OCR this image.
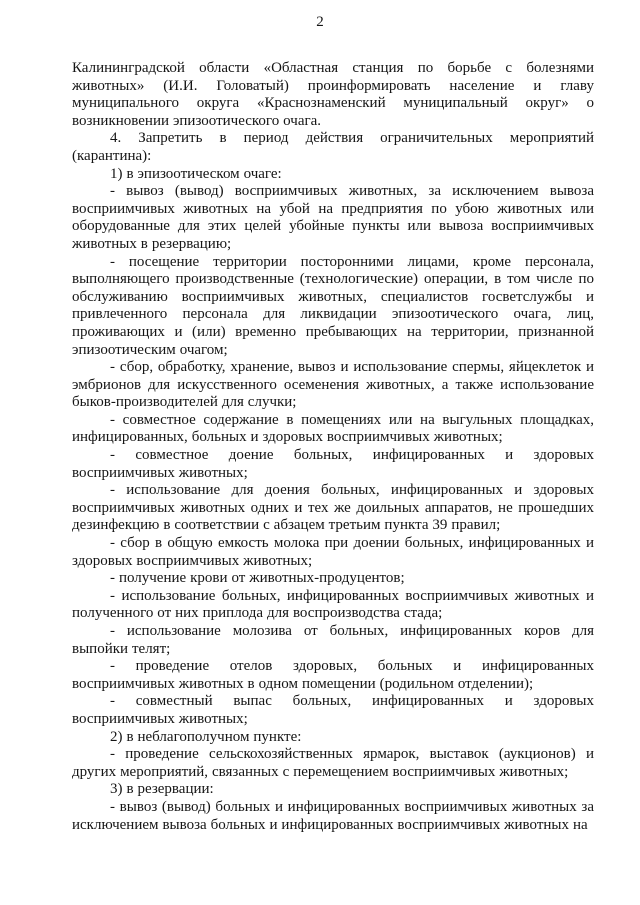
2

Калининградской области «Областная станция по борьбе с болезнями животных» (И.И. Головатый) проинформировать население и главу муниципального округа «Краснознаменский муниципальный округ» о возникновении эпизоотического очага.

4. Запретить в период действия ограничительных мероприятий (карантина):

1) в эпизоотическом очаге:

- вывоз (вывод) восприимчивых животных, за исключением вывоза восприимчивых животных на убой на предприятия по убою животных или оборудованные для этих целей убойные пункты или вывоза восприимчивых животных в резервацию;

- посещение территории посторонними лицами, кроме персонала, выполняющего производственные (технологические) операции, в том числе по обслуживанию восприимчивых животных, специалистов госветслужбы и привлеченного персонала для ликвидации эпизоотического очага, лиц, проживающих и (или) временно пребывающих на территории, признанной эпизоотическим очагом;

- сбор, обработку, хранение, вывоз и использование спермы, яйцеклеток и эмбрионов для искусственного осеменения животных, а также использование быков-производителей для случки;

- совместное содержание в помещениях или на выгульных площадках, инфицированных, больных и здоровых восприимчивых животных;

- совместное доение больных, инфицированных и здоровых восприимчивых животных;

- использование для доения больных, инфицированных и здоровых восприимчивых животных одних и тех же доильных аппаратов, не прошедших дезинфекцию в соответствии с абзацем третьим пункта 39 правил;

- сбор в общую емкость молока при доении больных, инфицированных и здоровых восприимчивых животных;

- получение крови от животных-продуцентов;

- использование больных, инфицированных восприимчивых животных и полученного от них приплода для воспроизводства стада;

- использование молозива от больных, инфицированных коров для выпойки телят;

- проведение отелов здоровых, больных и инфицированных восприимчивых животных в одном помещении (родильном отделении);

- совместный выпас больных, инфицированных и здоровых восприимчивых животных;

2) в неблагополучном пункте:

- проведение сельскохозяйственных ярмарок, выставок (аукционов) и других мероприятий, связанных с перемещением восприимчивых животных;

3) в резервации:

- вывоз (вывод) больных и инфицированных восприимчивых животных за исключением вывоза больных и инфицированных восприимчивых животных на
